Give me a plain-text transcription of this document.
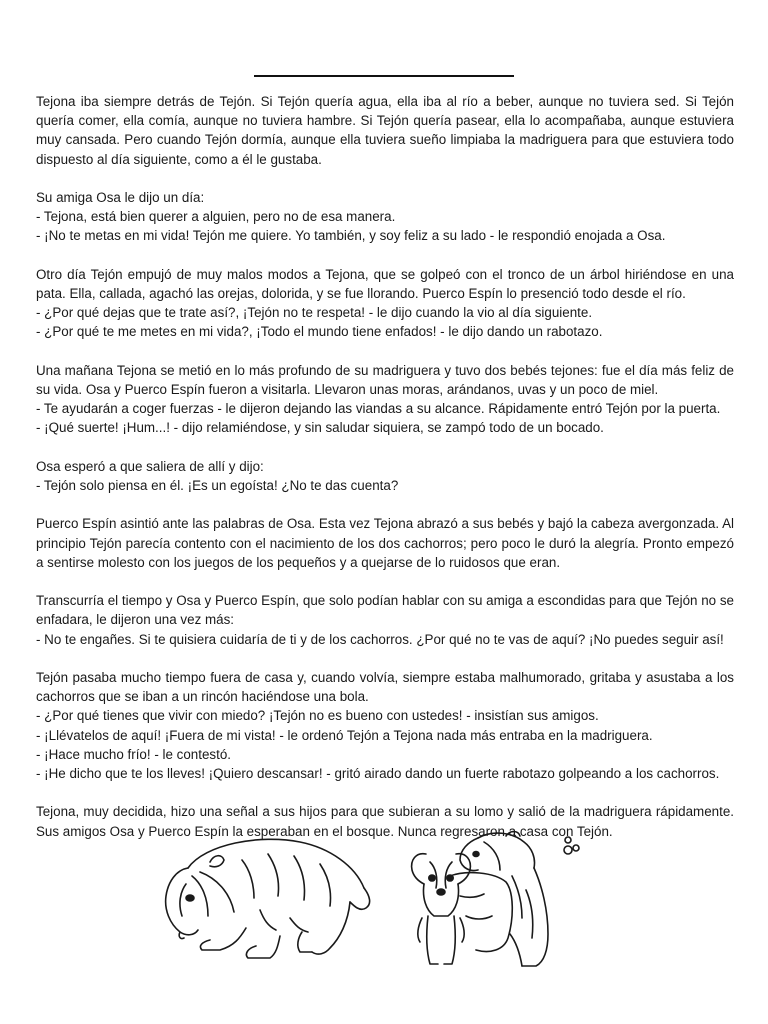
Tejona iba siempre detrás de Tejón. Si Tejón quería agua, ella iba al río a beber, aunque no tuviera sed. Si Tejón quería comer, ella comía, aunque no tuviera hambre. Si Tejón quería pasear, ella lo acompañaba, aunque estuviera muy cansada. Pero cuando Tejón dormía, aunque ella tuviera sueño limpiaba la madriguera para que estuviera todo dispuesto al día siguiente, como a él le gustaba.

Su amiga Osa le dijo un día:
- Tejona, está bien querer a alguien, pero no de esa manera.
- ¡No te metas en mi vida! Tejón me quiere. Yo también, y soy feliz a su lado - le respondió enojada a Osa.

Otro día Tejón empujó de muy malos modos a Tejona, que se golpeó con el tronco de un árbol hiriéndose en una pata. Ella, callada, agachó las orejas, dolorida, y se fue llorando. Puerco Espín lo presenció todo desde el río.
- ¿Por qué dejas que te trate así?, ¡Tejón no te respeta! - le dijo cuando la vio al día siguiente.
- ¿Por qué te me metes en mi vida?, ¡Todo el mundo tiene enfados! - le dijo dando un rabotazo.

Una mañana Tejona se metió en lo más profundo de su madriguera y tuvo dos bebés tejones: fue el día más feliz de su vida. Osa y Puerco Espín fueron a visitarla. Llevaron unas moras, arándanos, uvas y un poco de miel.
- Te ayudarán a coger fuerzas - le dijeron dejando las viandas a su alcance. Rápidamente entró Tejón por la puerta.
- ¡Qué suerte! ¡Hum...! - dijo relamiéndose, y sin saludar siquiera, se zampó todo de un bocado.

Osa esperó a que saliera de allí y dijo:
- Tejón solo piensa en él. ¡Es un egoísta! ¿No te das cuenta?

Puerco Espín asintió ante las palabras de Osa. Esta vez Tejona abrazó a sus bebés y bajó la cabeza avergonzada. Al principio Tejón parecía contento con el nacimiento de los dos cachorros; pero poco le duró la alegría. Pronto empezó a sentirse molesto con los juegos de los pequeños y a quejarse de lo ruidosos que eran.

Transcurría el tiempo y Osa y Puerco Espín, que solo podían hablar con su amiga a escondidas para que Tejón no se enfadara, le dijeron una vez más:
- No te engañes. Si te quisiera cuidaría de ti y de los cachorros. ¿Por qué no te vas de aquí? ¡No puedes seguir así!

Tejón pasaba mucho tiempo fuera de casa y, cuando volvía, siempre estaba malhumorado, gritaba y asustaba a los cachorros que se iban a un rincón haciéndose una bola.
- ¿Por qué tienes que vivir con miedo? ¡Tejón no es bueno con ustedes! - insistían sus amigos.
- ¡Llévatelos de aquí! ¡Fuera de mi vista! - le ordenó Tejón a Tejona nada más entraba en la madriguera.
- ¡Hace mucho frío! - le contestó.
- ¡He dicho que te los lleves! ¡Quiero descansar! - gritó airado dando un fuerte rabotazo golpeando a los cachorros.

Tejona, muy decidida, hizo una señal a sus hijos para que subieran a su lomo y salió de la madriguera rápidamente. Sus amigos Osa y Puerco Espín la esperaban en el bosque. Nunca regresaron a casa con Tejón.
